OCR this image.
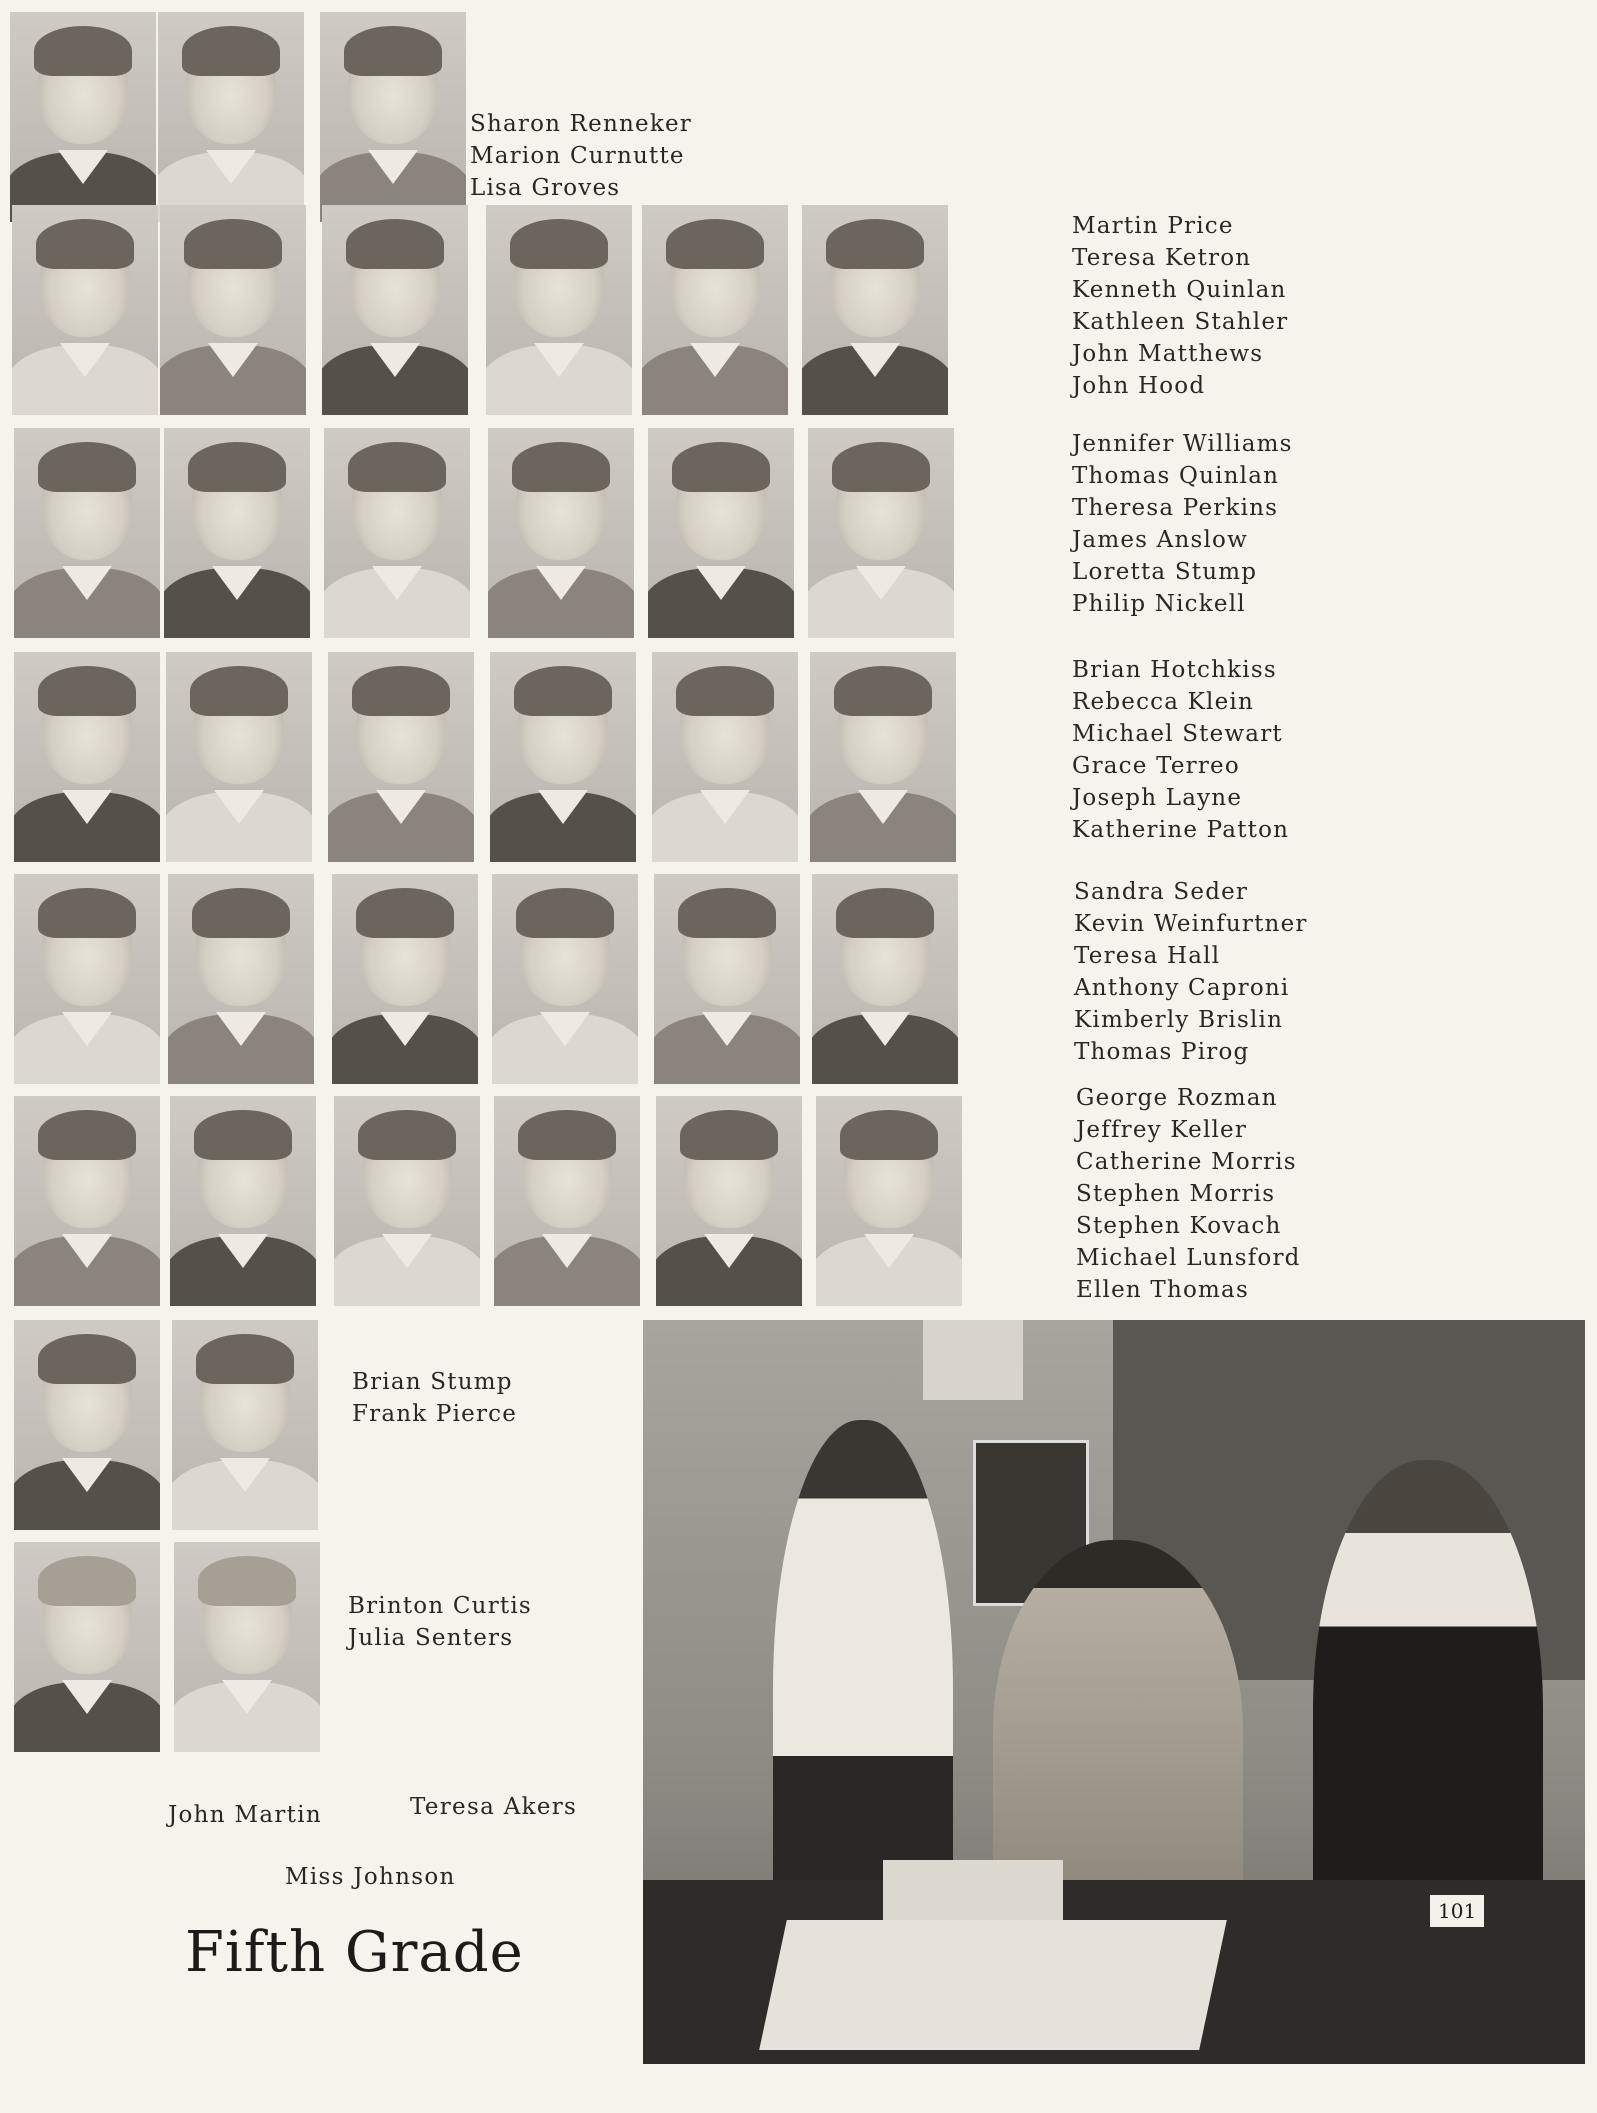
Sharon Renneker
Marion Curnutte
Lisa Groves
Martin Price
Teresa Ketron
Kenneth Quinlan
Kathleen Stahler
John Matthews
John Hood
Jennifer Williams
Thomas Quinlan
Theresa Perkins
James Anslow
Loretta Stump
Philip Nickell
Brian Hotchkiss
Rebecca Klein
Michael Stewart
Grace Terreo
Joseph Layne
Katherine Patton
Sandra Seder
Kevin Weinfurtner
Teresa Hall
Anthony Caproni
Kimberly Brislin
Thomas Pirog
George Rozman
Jeffrey Keller
Catherine Morris
Stephen Morris
Stephen Kovach
Michael Lunsford
Ellen Thomas
Brian Stump
Frank Pierce
Brinton Curtis
Julia Senters
101
John Martin	Teresa Akers
Miss Johnson
Fifth Grade
